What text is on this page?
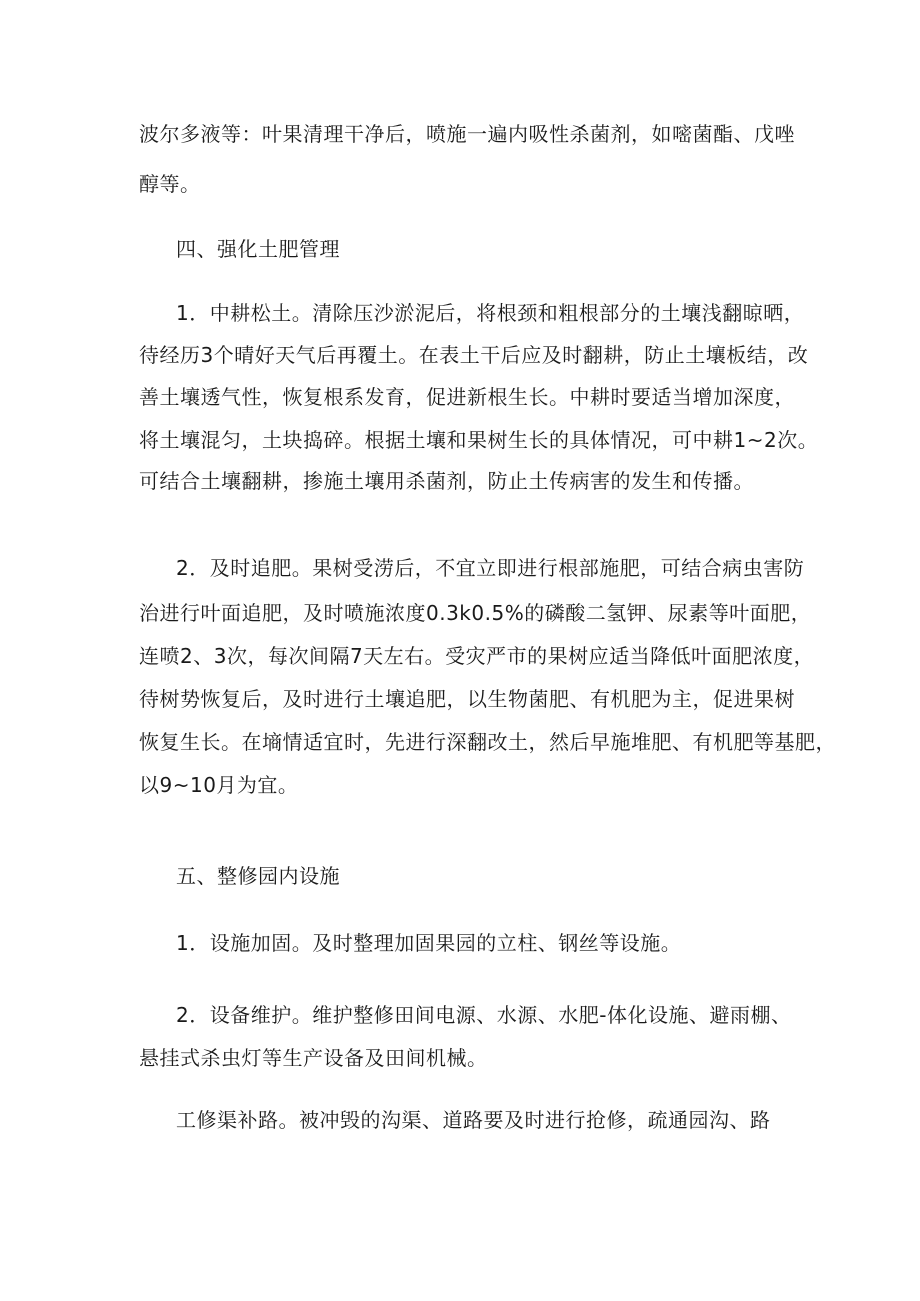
波尔多液等：叶果清理干净后，喷施一遍内吸性杀菌剂，如嘧菌酯、戊唑
醇等。
四、强化土肥管理
1．中耕松土。清除压沙淤泥后，将根颈和粗根部分的土壤浅翻晾晒，
待经历3个晴好天气后再覆土。在表土干后应及时翻耕，防止土壤板结，改
善土壤透气性，恢复根系发育，促进新根生长。中耕时要适当增加深度，
将土壤混匀，土块捣碎。根据土壤和果树生长的具体情况，可中耕1~2次。
可结合土壤翻耕，掺施土壤用杀菌剂，防止土传病害的发生和传播。
2．及时追肥。果树受涝后，不宜立即进行根部施肥，可结合病虫害防
治进行叶面追肥，及时喷施浓度0.3k0.5%的磷酸二氢钾、尿素等叶面肥，
连喷2、3次，每次间隔7天左右。受灾严市的果树应适当降低叶面肥浓度，
待树势恢复后，及时进行土壤追肥，以生物菌肥、有机肥为主，促进果树
恢复生长。在墒情适宜时，先进行深翻改土，然后早施堆肥、有机肥等基肥，
以9~10月为宜。
五、整修园内设施
1．设施加固。及时整理加固果园的立柱、钢丝等设施。
2．设备维护。维护整修田间电源、水源、水肥-体化设施、避雨棚、
悬挂式杀虫灯等生产设备及田间机械。
工修渠补路。被冲毁的沟渠、道路要及时进行抢修，疏通园沟、路
